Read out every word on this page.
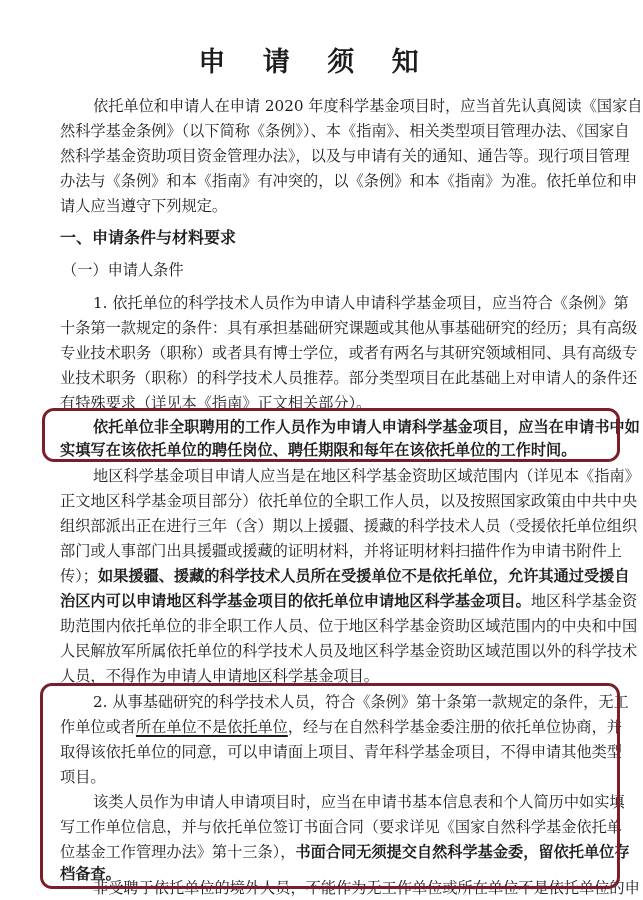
申 请 须 知
依托单位和申请人在申请 2020 年度科学基金项目时，应当首先认真阅读《国家自
然科学基金条例》（以下简称《条例》）、本《指南》、相关类型项目管理办法、《国家自
然科学基金资助项目资金管理办法》，以及与申请有关的通知、通告等。现行项目管理
办法与《条例》和本《指南》有冲突的，以《条例》和本《指南》为准。依托单位和申
请人应当遵守下列规定。
一、申请条件与材料要求
（一）申请人条件
1. 依托单位的科学技术人员作为申请人申请科学基金项目，应当符合《条例》第
十条第一款规定的条件：具有承担基础研究课题或其他从事基础研究的经历；具有高级
专业技术职务（职称）或者具有博士学位，或者有两名与其研究领域相同、具有高级专
业技术职务（职称）的科学技术人员推荐。部分类型项目在此基础上对申请人的条件还
有特殊要求（详见本《指南》正文相关部分）。
依托单位非全职聘用的工作人员作为申请人申请科学基金项目，应当在申请书中如
实填写在该依托单位的聘任岗位、聘任期限和每年在该依托单位的工作时间。
地区科学基金项目申请人应当是在地区科学基金资助区域范围内（详见本《指南》
正文地区科学基金项目部分）依托单位的全职工作人员，以及按照国家政策由中共中央
组织部派出正在进行三年（含）期以上援疆、援藏的科学技术人员（受援依托单位组织
部门或人事部门出具援疆或援藏的证明材料，并将证明材料扫描件作为申请书附件上
传）；如果援疆、援藏的科学技术人员所在受援单位不是依托单位，允许其通过受援自
治区内可以申请地区科学基金项目的依托单位申请地区科学基金项目。地区科学基金资
助范围内依托单位的非全职工作人员、位于地区科学基金资助区域范围内的中央和中国
人民解放军所属依托单位的科学技术人员及地区科学基金资助区域范围以外的科学技术
人员，不得作为申请人申请地区科学基金项目。
2. 从事基础研究的科学技术人员，符合《条例》第十条第一款规定的条件，无工
作单位或者所在单位不是依托单位，经与在自然科学基金委注册的依托单位协商，并
取得该依托单位的同意，可以申请面上项目、青年科学基金项目，不得申请其他类型
项目。
该类人员作为申请人申请项目时，应当在申请书基本信息表和个人简历中如实填
写工作单位信息，并与依托单位签订书面合同（要求详见《国家自然科学基金依托单
位基金工作管理办法》第十三条），书面合同无须提交自然科学基金委，留依托单位存
档备查。
非受聘于依托单位的境外人员，不能作为无工作单位或所在单位不是依托单位的申
